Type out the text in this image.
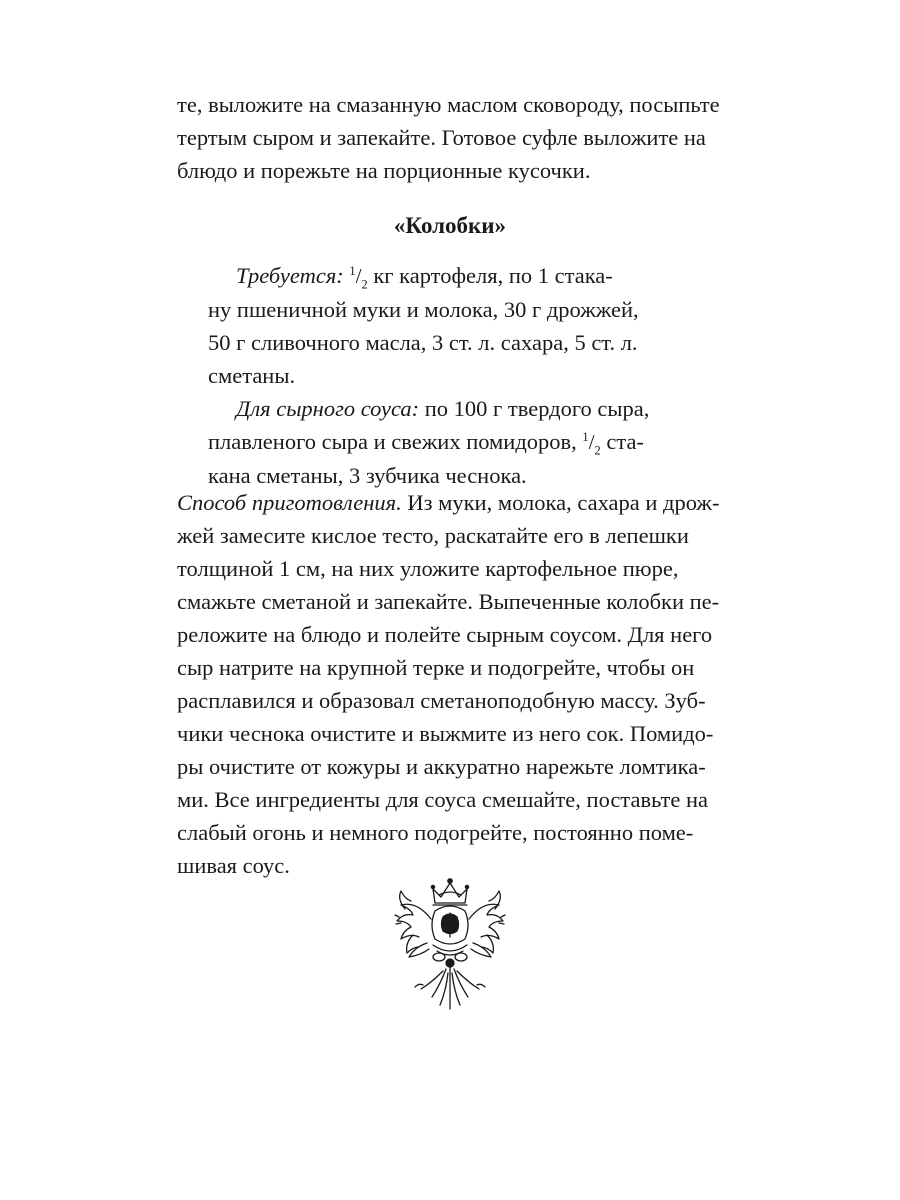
те, выложите на смазанную маслом сковороду, посыпьте
тертым сыром и запекайте. Готовое суфле выложите на
блюдо и порежьте на порционные кусочки.
«Колобки»
Требуется: $^1/_2$ кг картофеля, по 1 стака-
ну пшеничной муки и молока, 30 г дрожжей,
50 г сливочного масла, 3 ст. л. сахара, 5 ст. л.
сметаны.
Для сырного соуса: по 100 г твердого сыра,
плавленого сыра и свежих помидоров, $^1/_2$ ста-
кана сметаны, 3 зубчика чеснока.
Способ приготовления. Из муки, молока, сахара и дрож-
жей замесите кислое тесто, раскатайте его в лепешки
толщиной 1 см, на них уложите картофельное пюре,
смажьте сметаной и запекайте. Выпеченные колобки пе-
реложите на блюдо и полейте сырным соусом. Для него
сыр натрите на крупной терке и подогрейте, чтобы он
расплавился и образовал сметаноподобную массу. Зуб-
чики чеснока очистите и выжмите из него сок. Помидо-
ры очистите от кожуры и аккуратно нарежьте ломтика-
ми. Все ингредиенты для соуса смешайте, поставьте на
слабый огонь и немного подогрейте, постоянно поме-
шивая соус.
